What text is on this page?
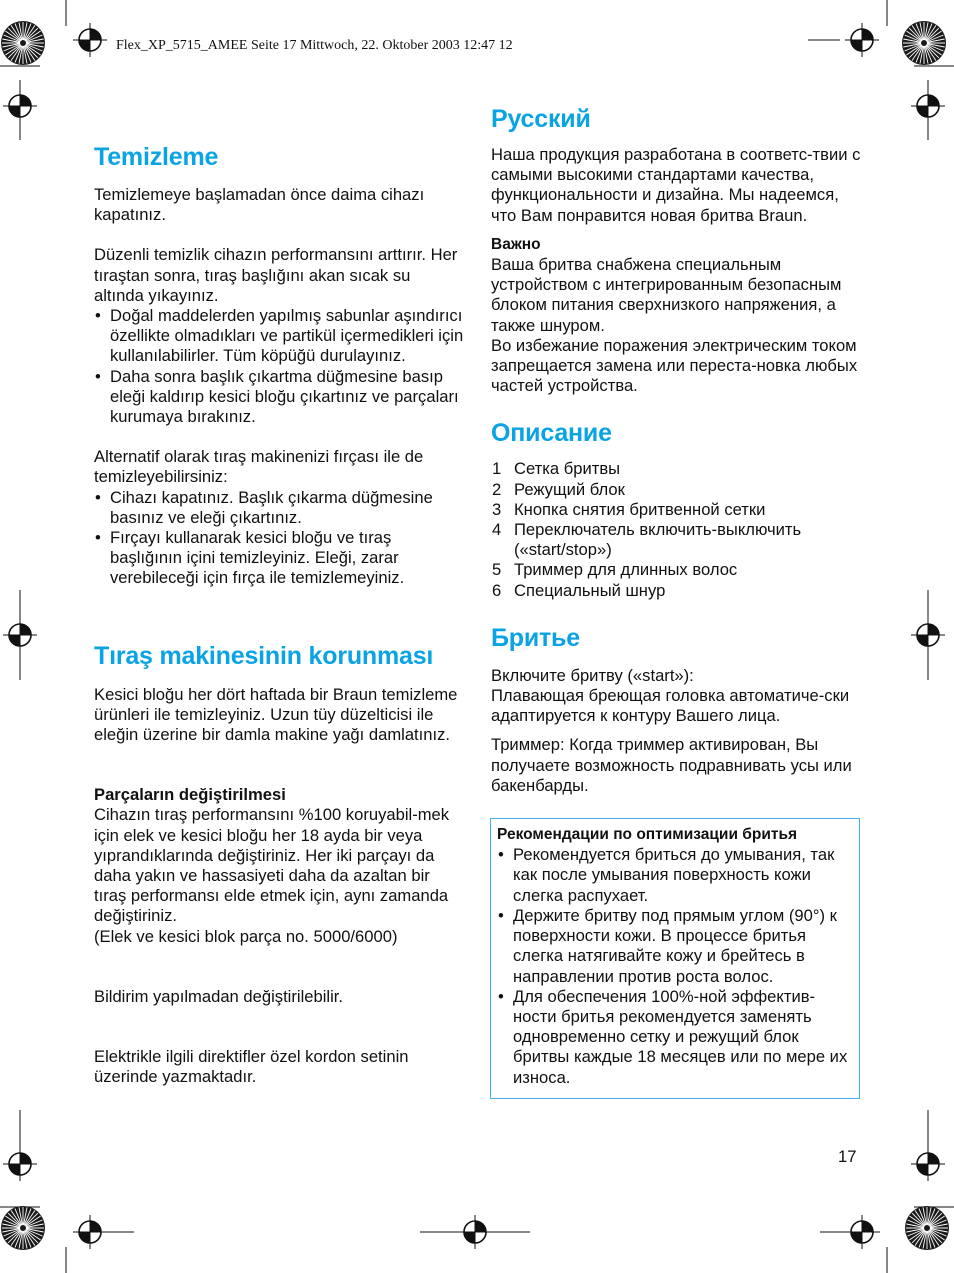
Flex_XP_5715_AMEE Seite 17 Mittwoch, 22. Oktober 2003 12:47 12
Temizleme

Temizlemeye başlamadan önce daima cihazı kapatınız.

Düzenli temizlik cihazın performansını arttırır. Her tıraştan sonra, tıraş başlığını akan sıcak su altında yıkayınız.

• Doğal maddelerden yapılmış sabunlar aşındırıcı özellikte olmadıkları ve partikül içermedikleri için kullanılabilirler. Tüm köpüğü durulayınız.
• Daha sonra başlık çıkartma düğmesine basıp eleği kaldırıp kesici bloğu çıkartınız ve parçaları kurumaya bırakınız.

Alternatif olarak tıraş makinenizi fırçası ile de temizleyebilirsiniz:

• Cihazı kapatınız. Başlık çıkarma düğmesine basınız ve eleği çıkartınız.
• Fırçayı kullanarak kesici bloğu ve tıraş başlığının içini temizleyiniz. Eleği, zarar verebileceği için fırça ile temizlemeyiniz.
Tıraş makinesinin korunması

Kesici bloğu her dört haftada bir Braun temizleme ürünleri ile temizleyiniz. Uzun tüy düzelticisi ile eleğin üzerine bir damla makine yağı damlatınız.

Parçaların değiştirilmesi

Cihazın tıraş performansını %100 koruyabil-mek için elek ve kesici bloğu her 18 ayda bir veya yıprandıklarında değiştiriniz. Her iki parçayı da daha yakın ve hassasiyeti daha da azaltan bir tıraş performansı elde etmek için, aynı zamanda değiştiriniz.

(Elek ve kesici blok parça no. 5000/6000)

Bildirim yapılmadan değiştirilebilir.

Elektrikle ilgili direktifler özel kordon setinin üzerinde yazmaktadır.

Русский

Наша продукция разработана в соответс-твии с самыми высокими стандартами качества, функциональности и дизайна. Мы надеемся, что Вам понравится новая бритва Braun.

Важно

Ваша бритва снабжена специальным устройством с интегрированным безопасным блоком питания сверхнизкого напряжения, а также шнуром.

Во избежание поражения электрическим током запрещается замена или переста-новка любых частей устройства.

Описание
1 Сетка бритвы
2 Режущий блок
3 Кнопка снятия бритвенной сетки
4 Переключатель включить-выключить («start/stop»)
5 Триммер для длинных волос
6 Специальный шнур
Бритье

Включите бритву («start»):

Плавающая бреющая головка автоматиче-ски адаптируется к контуру Вашего лица.

Триммер: Когда триммер активирован, Вы получаете возможность подравнивать усы или бакенбарды.

Рекомендации по оптимизации бритья

• Рекомендуется бриться до умывания, так как после умывания поверхность кожи слегка распухает.
• Держите бритву под прямым углом (90°) к поверхности кожи. В процессе бритья слегка натягивайте кожу и брейтесь в направлении против роста волос.
• Для обеспечения 100%-ной эффектив-ности бритья рекомендуется заменять одновременно сетку и режущий блок бритвы каждые 18 месяцев или по мере их износа.
17
